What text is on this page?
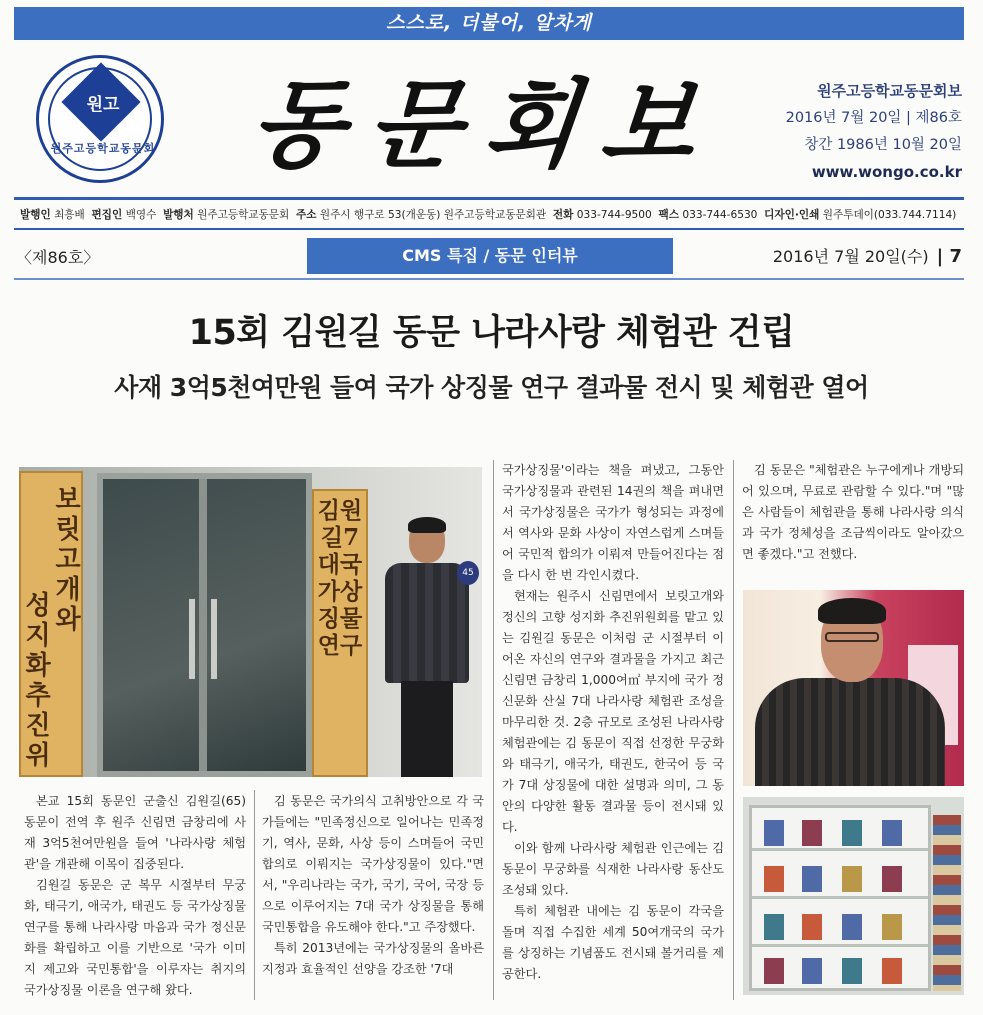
스스로, 더불어, 알차게
원고
원주고등학교동문회 동문회보	원주고등학교동문회보
2016년 7월 20일 | 제86호
창간 1986년 10월 20일
www.wongo.co.kr
발행인 최흥배 편집인 백영수 발행처 원주고등학교동문회 주소 원주시 행구로 53(개운동) 원주고등학교동문회관 전화 033-744-9500 팩스 033-744-6530 디자인·인쇄 원주투데이(033.744.7114)
〈제86호〉	CMS 특집 / 동문 인터뷰	2016년 7월 20일(수) | 7
15회 김원길 동문 나라사랑 체험관 건립
사재 3억5천여만원 들여 국가 상징물 연구 결과물 전시 및 체험관 열어
보릿고개와
성지화추진위
김원길7대국가상징물연구
45

본교 15회 동문인 군출신 김원길(65) 동문이 전역 후 원주 신림면 금창리에 사재 3억5천여만원을 들여 '나라사랑 체험관'을 개관해 이목이 집중된다.

김원길 동문은 군 복무 시절부터 무궁화, 태극기, 애국가, 태권도 등 국가상징물 연구를 통해 나라사랑 마음과 국가 정신문화를 확립하고 이를 기반으로 '국가 이미지 제고와 국민통합'을 이루자는 취지의 국가상징물 이론을 연구해 왔다.

김 동문은 국가의식 고취방안으로 각 국가들에는 "민족정신으로 일어나는 민족정기, 역사, 문화, 사상 등이 스며들어 국민 합의로 이뤄지는 국가상징물이 있다."면서, "우리나라는 국가, 국기, 국어, 국장 등으로 이루어지는 7대 국가 상징물을 통해 국민통합을 유도해야 한다."고 주장했다.

특히 2013년에는 국가상징물의 올바른 지정과 효율적인 선양을 강조한 '7대

국가상징물'이라는 책을 펴냈고, 그동안 국가상징물과 관련된 14권의 책을 펴내면서 국가상징물은 국가가 형성되는 과정에서 역사와 문화 사상이 자연스럽게 스며들어 국민적 합의가 이뤄져 만들어진다는 점을 다시 한 번 각인시켰다.

현재는 원주시 신림면에서 보릿고개와 정신의 고향 성지화 추진위원회를 맡고 있는 김원길 동문은 이처럼 군 시절부터 이어온 자신의 연구와 결과물을 가지고 최근 신림면 금창리 1,000여㎡ 부지에 국가 정신문화 산실 7대 나라사랑 체험관 조성을 마무리한 것. 2층 규모로 조성된 나라사랑 체험관에는 김 동문이 직접 선정한 무궁화와 태극기, 애국가, 태권도, 한국어 등 국가 7대 상징물에 대한 설명과 의미, 그 동안의 다양한 활동 결과물 등이 전시돼 있다.

이와 함께 나라사랑 체험관 인근에는 김 동문이 무궁화를 식재한 나라사랑 동산도 조성돼 있다.

특히 체험관 내에는 김 동문이 각국을 돌며 직접 수집한 세계 50여개국의 국가를 상징하는 기념품도 전시돼 볼거리를 제공한다.

김 동문은 "체험관은 누구에게나 개방되어 있으며, 무료로 관람할 수 있다."며 "많은 사람들이 체험관을 통해 나라사랑 의식과 국가 정체성을 조금씩이라도 알아갔으면 좋겠다."고 전했다.
